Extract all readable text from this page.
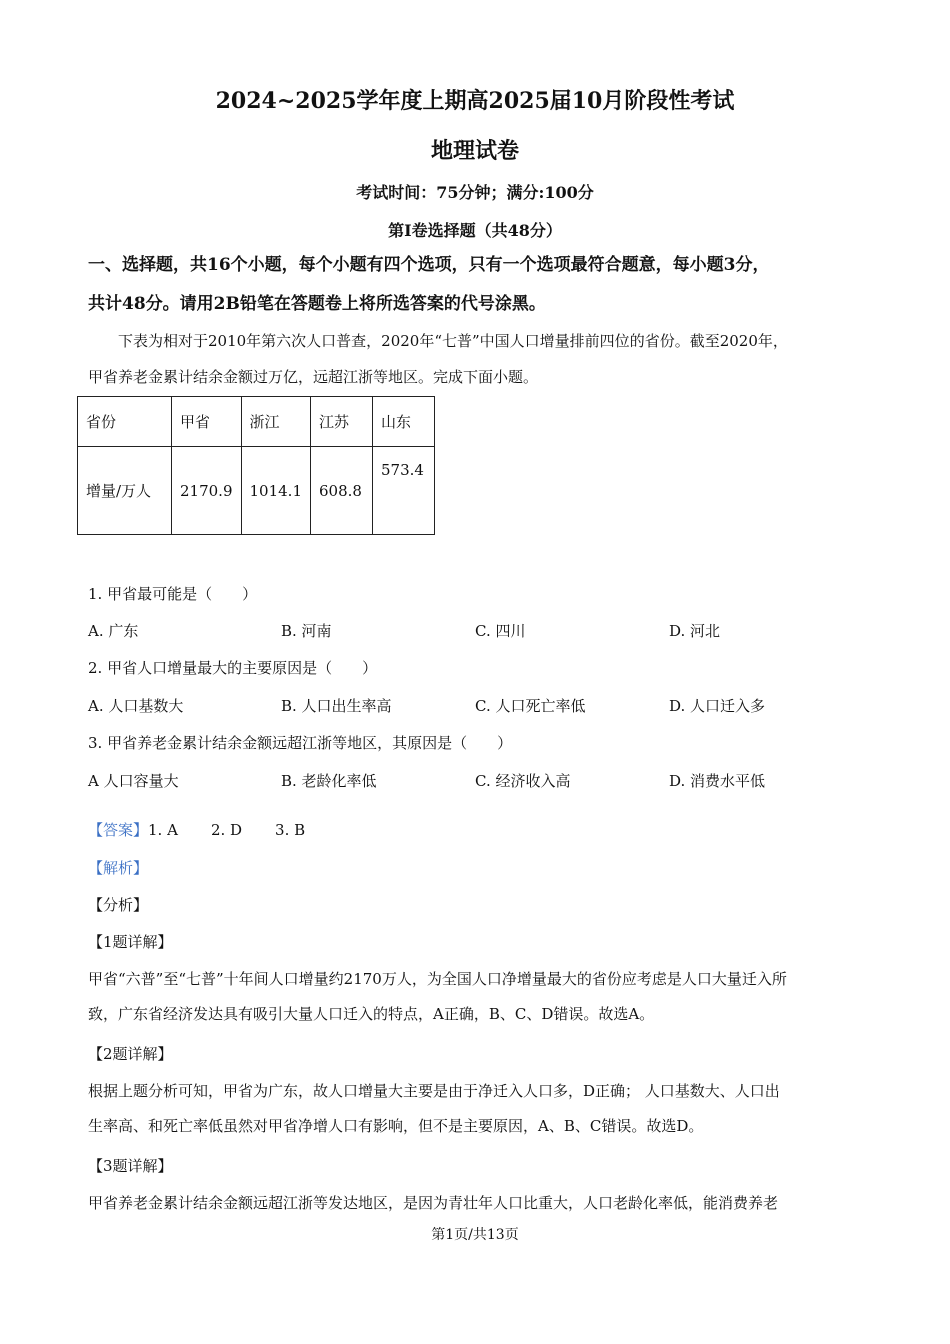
2024~2025学年度上期高2025届10月阶段性考试
地理试卷
考试时间：75分钟；满分:100分
第I卷选择题（共48分）
一、选择题，共16个小题，每个小题有四个选项，只有一个选项最符合题意，每小题3分，
共计48分。请用2B铅笔在答题卷上将所选答案的代号涂黑。
下表为相对于2010年第六次人口普查，2020年“七普”中国人口增量排前四位的省份。截至2020年，
甲省养老金累计结余金额过万亿，远超江浙等地区。完成下面小题。
省份	甲省	浙江	江苏	山东
增量/万人	2170.9	1014.1	608.8	573.4
1. 甲省最可能是（　　）
A. 广东	B. 河南	C. 四川	D. 河北
2. 甲省人口增量最大的主要原因是（　　）
A. 人口基数大	B. 人口出生率高	C. 人口死亡率低	D. 人口迁入多
3. 甲省养老金累计结余金额远超江浙等地区，其原因是（　　）
A 人口容量大	B. 老龄化率低	C. 经济收入高	D. 消费水平低
【答案】1. A 2. D 3. B
【解析】
【分析】
【1题详解】
甲省“六普”至“七普”十年间人口增量约2170万人，为全国人口净增量最大的省份应考虑是人口大量迁入所
致，广东省经济发达具有吸引大量人口迁入的特点，A正确，B、C、D错误。故选A。
【2题详解】
根据上题分析可知，甲省为广东，故人口增量大主要是由于净迁入人口多，D正确； 人口基数大、人口出
生率高、和死亡率低虽然对甲省净增人口有影响，但不是主要原因，A、B、C错误。故选D。
【3题详解】
甲省养老金累计结余金额远超江浙等发达地区，是因为青壮年人口比重大，人口老龄化率低，能消费养老
第1页/共13页
